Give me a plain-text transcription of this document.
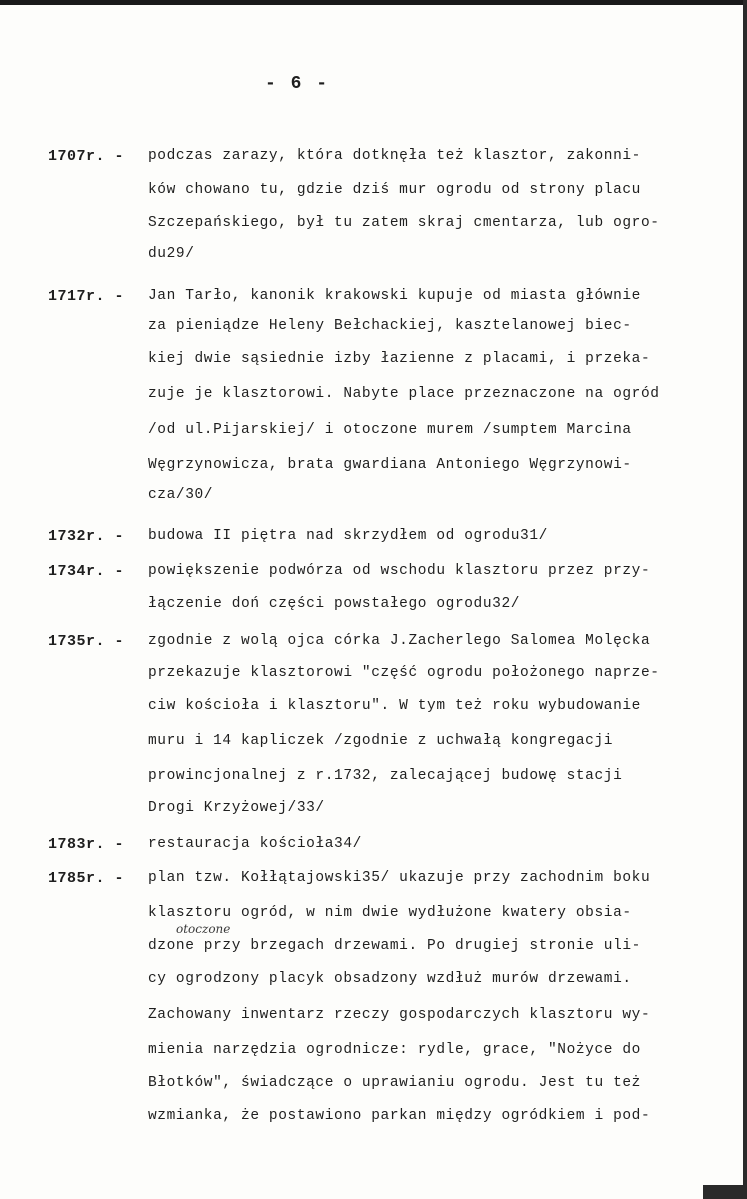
- 6 -
1707r. - podczas zarazy, która dotknęła też klasztor, zakonni-
ków chowano tu, gdzie dziś mur ogrodu od strony placu
Szczepańskiego, był tu zatem skraj cmentarza, lub ogro-
du29/
1717r. - Jan Tarło, kanonik krakowski kupuje od miasta głównie
za pieniądze Heleny Bełchackiej, kasztelanowej biec-
kiej dwie sąsiednie izby łazienne z placami, i przeka-
zuje je klasztorowi. Nabyte place przeznaczone na ogród
/od ul.Pijarskiej/ i otoczone murem /sumptem Marcina
Węgrzynowicza, brata gwardiana Antoniego Węgrzynowi-
cza/30/
1732r. - budowa II piętra nad skrzydłem od ogrodu31/
1734r. - powiększenie podwórza od wschodu klasztoru przez przy-
łączenie doń części powstałego ogrodu32/
1735r. - zgodnie z wolą ojca córka J.Zacherlego Salomea Molęcka
przekazuje klasztorowi "część ogrodu położonego naprze-
ciw kościoła i klasztoru". W tym też roku wybudowanie
muru i 14 kapliczek /zgodnie z uchwałą kongregacji
prowincjonalnej z r.1732, zalecającej budowę stacji
Drogi Krzyżowej/33/
1783r. - restauracja kościoła34/
1785r. - plan tzw. Kołłątajowski35/ ukazuje przy zachodnim boku
klasztoru ogród, w nim dwie wydłużone kwatery obsia-
otoczone
dzone przy brzegach drzewami. Po drugiej stronie uli-
cy ogrodzony placyk obsadzony wzdłuż murów drzewami.
Zachowany inwentarz rzeczy gospodarczych klasztoru wy-
mienia narzędzia ogrodnicze: rydle, grace, "Nożyce do
Błotków", świadczące o uprawianiu ogrodu. Jest tu też
wzmianka, że postawiono parkan między ogródkiem i pod-
